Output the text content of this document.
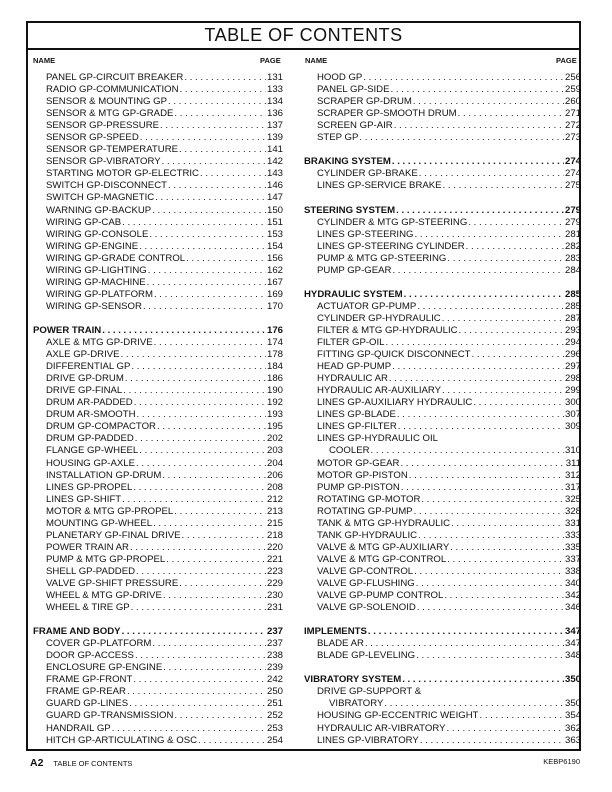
TABLE OF CONTENTS
NAME	PAGE	NAME	PAGE
PANEL GP-CIRCUIT BREAKER . . .	131
RADIO GP-COMMUNICATION . . .	133
SENSOR & MOUNTING GP . . .	134
SENSOR & MTG GP-GRADE . . .	136
SENSOR GP-PRESSURE . . .	137
SENSOR GP-SPEED . . .	139
SENSOR GP-TEMPERATURE . . .	141
SENSOR GP-VIBRATORY . . .	142
STARTING MOTOR GP-ELECTRIC . . .	143
SWITCH GP-DISCONNECT . . .	146
SWITCH GP-MAGNETIC . . .	147
WARNING GP-BACKUP . . .	150
WIRING GP-CAB . . .	151
WIRING GP-CONSOLE . . .	153
WIRING GP-ENGINE . . .	154
WIRING GP-GRADE CONTROL . . .	156
WIRING GP-LIGHTING . . .	162
WIRING GP-MACHINE . . .	167
WIRING GP-PLATFORM . . .	169
WIRING GP-SENSOR . . .	170
POWER TRAIN . . .	176
AXLE & MTG GP-DRIVE . . .	174
AXLE GP-DRIVE . . .	178
DIFFERENTIAL GP . . .	184
DRIVE GP-DRUM . . .	186
DRIVE GP-FINAL . . .	190
DRUM AR-PADDED . . .	192
DRUM AR-SMOOTH . . .	193
DRUM GP-COMPACTOR . . .	195
DRUM GP-PADDED . . .	202
FLANGE GP-WHEEL . . .	203
HOUSING GP-AXLE . . .	204
INSTALLATION GP-DRUM . . .	206
LINES GP-PROPEL . . .	208
LINES GP-SHIFT . . .	212
MOTOR & MTG GP-PROPEL . . .	213
MOUNTING GP-WHEEL . . .	215
PLANETARY GP-FINAL DRIVE . . .	218
POWER TRAIN AR . . .	220
PUMP & MTG GP-PROPEL . . .	221
SHELL GP-PADDED . . .	223
VALVE GP-SHIFT PRESSURE . . .	229
WHEEL & MTG GP-DRIVE . . .	230
WHEEL & TIRE GP . . .	231
FRAME AND BODY . . .	237
COVER GP-PLATFORM . . .	237
DOOR GP-ACCESS . . .	238
ENCLOSURE GP-ENGINE . . .	239
FRAME GP-FRONT . . .	242
FRAME GP-REAR . . .	250
GUARD GP-LINES . . .	251
GUARD GP-TRANSMISSION . . .	252
HANDRAIL GP . . .	253
HITCH GP-ARTICULATING & OSC . . .	254
HOOD GP . . .	256
PANEL GP-SIDE . . .	259
SCRAPER GP-DRUM . . .	260
SCRAPER GP-SMOOTH DRUM . . .	271
SCREEN GP-AIR . . .	272
STEP GP . . .	273
BRAKING SYSTEM . . .	274
CYLINDER GP-BRAKE . . .	274
LINES GP-SERVICE BRAKE . . .	275
STEERING SYSTEM . . .	279
CYLINDER & MTG GP-STEERING . . .	279
LINES GP-STEERING . . .	281
LINES GP-STEERING CYLINDER . . .	282
PUMP & MTG GP-STEERING . . .	283
PUMP GP-GEAR . . .	284
HYDRAULIC SYSTEM . . .	285
ACTUATOR GP-PUMP . . .	285
CYLINDER GP-HYDRAULIC . . .	287
FILTER & MTG GP-HYDRAULIC . . .	293
FILTER GP-OIL . . .	294
FITTING GP-QUICK DISCONNECT . . .	296
HEAD GP-PUMP . . .	297
HYDRAULIC AR . . .	298
HYDRAULIC AR-AUXILIARY . . .	299
LINES GP-AUXILIARY HYDRAULIC . . .	300
LINES GP-BLADE . . .	307
LINES GP-FILTER . . .	309
LINES GP-HYDRAULIC OIL
COOLER . . .	310
MOTOR GP-GEAR . . .	311
MOTOR GP-PISTON . . .	312
PUMP GP-PISTON . . .	317
ROTATING GP-MOTOR . . .	325
ROTATING GP-PUMP . . .	328
TANK & MTG GP-HYDRAULIC . . .	331
TANK GP-HYDRAULIC . . .	333
VALVE & MTG GP-AUXILIARY . . .	335
VALVE & MTG GP-CONTROL . . .	337
VALVE GP-CONTROL . . .	338
VALVE GP-FLUSHING . . .	340
VALVE GP-PUMP CONTROL . . .	342
VALVE GP-SOLENOID . . .	346
IMPLEMENTS . . .	347
BLADE AR . . .	347
BLADE GP-LEVELING . . .	348
VIBRATORY SYSTEM . . .	350
DRIVE GP-SUPPORT &
VIBRATORY . . .	350
HOUSING GP-ECCENTRIC WEIGHT . . .	354
HYDRAULIC AR-VIBRATORY . . .	362
LINES GP-VIBRATORY . . .	363
A2 TABLE OF CONTENTS	KEBP6190
